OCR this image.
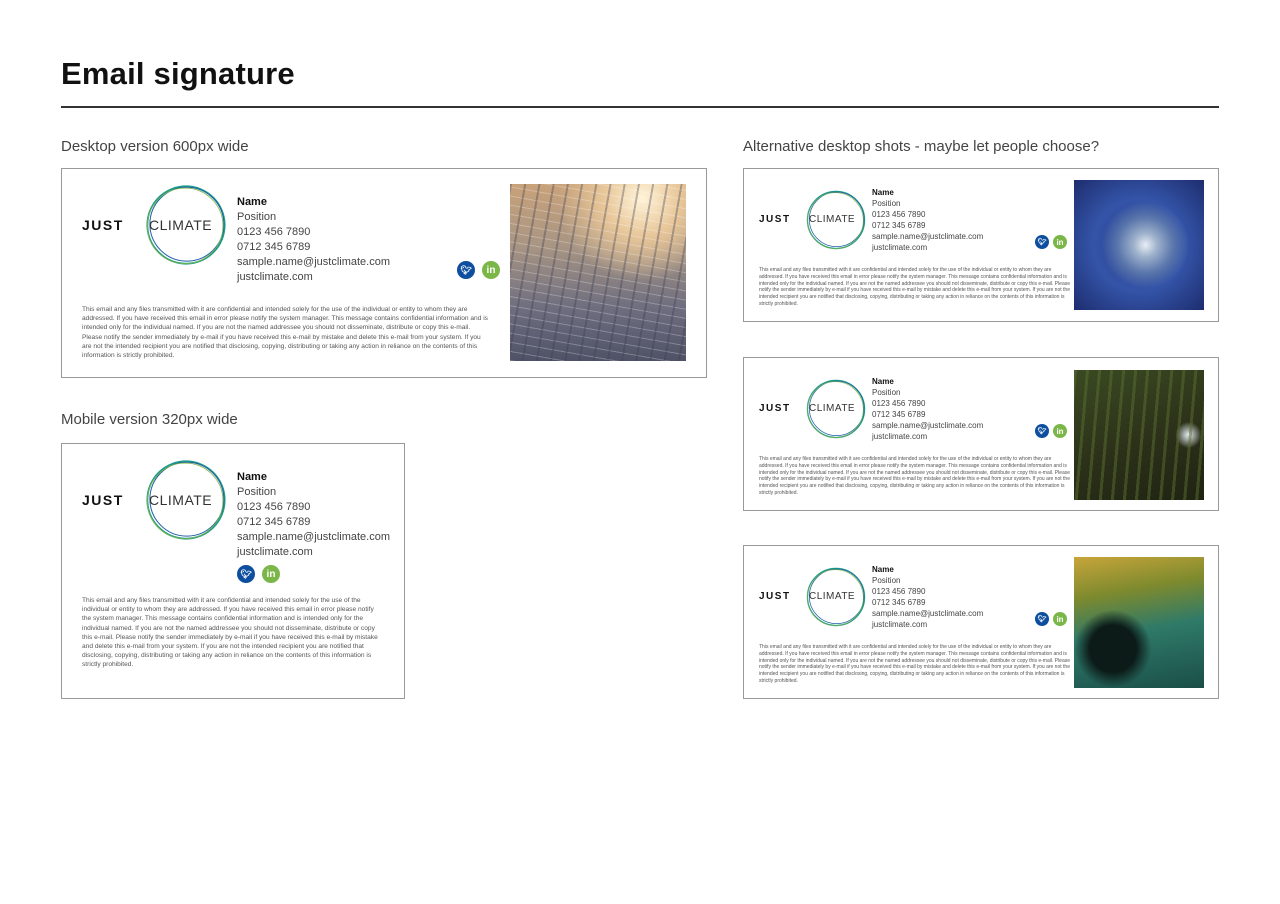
Email signature
Desktop version 600px wide
Mobile version 320px wide
Alternative desktop shots - maybe let people choose?
JUST CLIMATE
Name
Position
0123 456 7890
0712 345 6789
sample.name@justclimate.com
justclimate.com
🐦︎	in
This email and any files transmitted with it are confidential and intended solely for the use of the individual or entity to whom they are addressed. If you have received this email in error please notify the system manager. This message contains confidential information and is intended only for the individual named. If you are not the named addressee you should not disseminate, distribute or copy this e-mail. Please notify the sender immediately by e-mail if you have received this e-mail by mistake and delete this e-mail from your system. If you are not the intended recipient you are notified that disclosing, copying, distributing or taking any action in reliance on the contents of this information is strictly prohibited.
JUST CLIMATE
Name
Position
0123 456 7890
0712 345 6789
sample.name@justclimate.com
justclimate.com
🐦︎	in
This email and any files transmitted with it are confidential and intended solely for the use of the individual or entity to whom they are addressed. If you have received this email in error please notify the system manager. This message contains confidential information and is intended only for the individual named. If you are not the named addressee you should not disseminate, distribute or copy this e-mail. Please notify the sender immediately by e-mail if you have received this e-mail by mistake and delete this e-mail from your system. If you are not the intended recipient you are notified that disclosing, copying, distributing or taking any action in reliance on the contents of this information is strictly prohibited.
JUST CLIMATE
Name
Position
0123 456 7890
0712 345 6789
sample.name@justclimate.com
justclimate.com
🐦︎	in
This email and any files transmitted with it are confidential and intended solely for the use of the individual or entity to whom they are addressed. If you have received this email in error please notify the system manager. This message contains confidential information and is intended only for the individual named. If you are not the named addressee you should not disseminate, distribute or copy this e-mail. Please notify the sender immediately by e-mail if you have received this e-mail by mistake and delete this e-mail from your system. If you are not the intended recipient you are notified that disclosing, copying, distributing or taking any action in reliance on the contents of this information is strictly prohibited.
JUST CLIMATE
Name
Position
0123 456 7890
0712 345 6789
sample.name@justclimate.com
justclimate.com
🐦︎	in
This email and any files transmitted with it are confidential and intended solely for the use of the individual or entity to whom they are addressed. If you have received this email in error please notify the system manager. This message contains confidential information and is intended only for the individual named. If you are not the named addressee you should not disseminate, distribute or copy this e-mail. Please notify the sender immediately by e-mail if you have received this e-mail by mistake and delete this e-mail from your system. If you are not the intended recipient you are notified that disclosing, copying, distributing or taking any action in reliance on the contents of this information is strictly prohibited.
JUST CLIMATE
Name
Position
0123 456 7890
0712 345 6789
sample.name@justclimate.com
justclimate.com
🐦︎	in
This email and any files transmitted with it are confidential and intended solely for the use of the individual or entity to whom they are addressed. If you have received this email in error please notify the system manager. This message contains confidential information and is intended only for the individual named. If you are not the named addressee you should not disseminate, distribute or copy this e-mail. Please notify the sender immediately by e-mail if you have received this e-mail by mistake and delete this e-mail from your system. If you are not the intended recipient you are notified that disclosing, copying, distributing or taking any action in reliance on the contents of this information is strictly prohibited.
